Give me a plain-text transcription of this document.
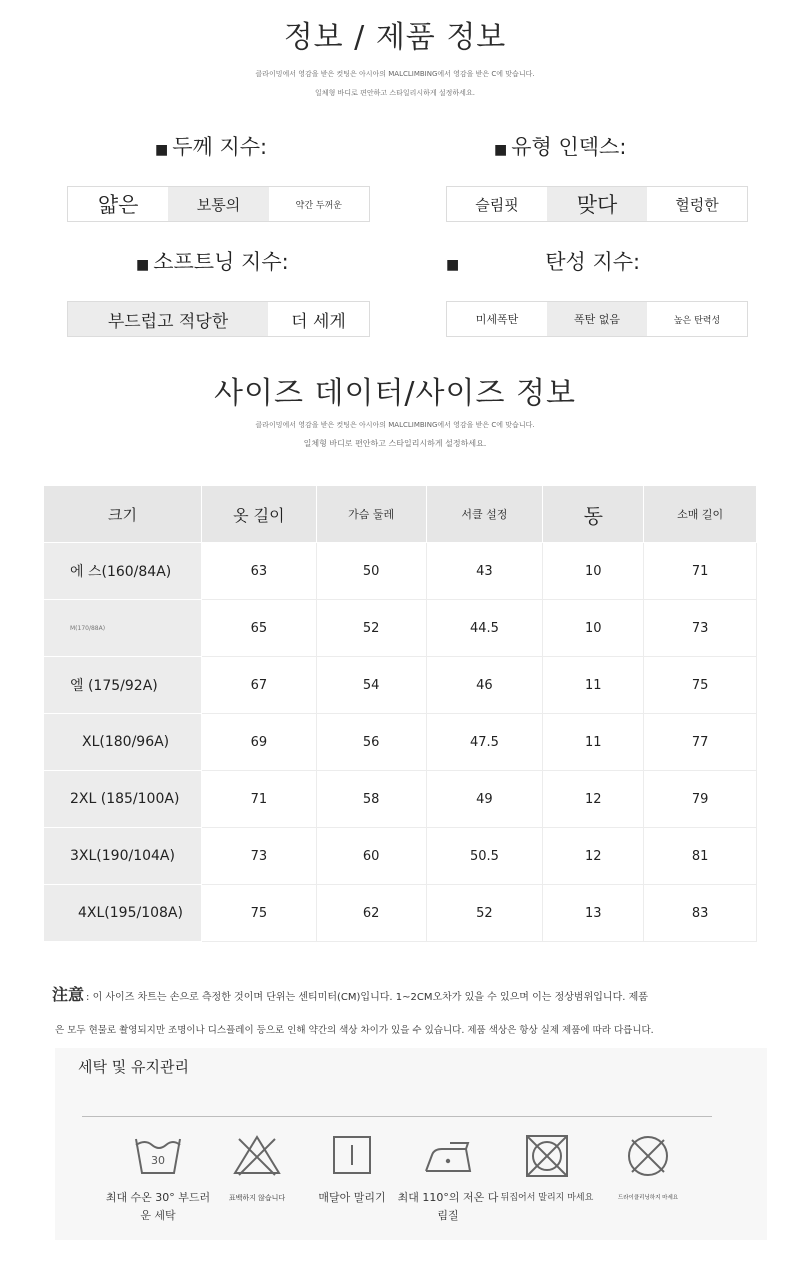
정보 / 제품 정보
클라이밍에서 영감을 받은 컷팅은 아시아의 MALCLIMBING에서 영감을 받은 C에 맞습니다.
일체형 바디로 편안하고 스타일리시하게 설정하세요.
■ 두께 지수:
얇은	보통의	약간 두꺼운
■ 유형 인덱스:
슬림핏	맞다	헐렁한
■ 소프트닝 지수:
부드럽고 적당한	더 세게
■	탄성 지수:
미세폭탄	폭탄 없음	높은 탄력성
사이즈 데이터/사이즈 정보
클라이밍에서 영감을 받은 컷팅은 아시아의 MALCLIMBING에서 영감을 받은 C에 맞습니다.
일체형 바디로 편안하고 스타일리시하게 설정하세요.
크기	옷 길이	가슴 둘레	서클 설정	동	소매 길이
에 스(160/84A)	63	50	43	10	71
M(170/88A)	65	52	44.5	10	73
엘 (175/92A)	67	54	46	11	75
XL(180/96A)	69	56	47.5	11	77
2XL (185/100A)	71	58	49	12	79
3XL(190/104A)	73	60	50.5	12	81
4XL(195/108A)	75	62	52	13	83
注意 : 이 사이즈 차트는 손으로 측정한 것이며 단위는 센티미터(CM)입니다. 1~2CM오차가 있을 수 있으며 이는 정상범위입니다. 제품
은 모두 현물로 촬영되지만 조명이나 디스플레이 등으로 인해 약간의 색상 차이가 있을 수 있습니다. 제품 색상은 항상 실제 제품에 따라 다릅니다.
세탁 및 유지관리
30
최대 수온 30° 부드러운 세탁
표백하지 않습니다	매달아 말리기	최대 110°의 저온 다림질
뒤집어서 말리지 마세요	드라이클리닝하지 마세요
